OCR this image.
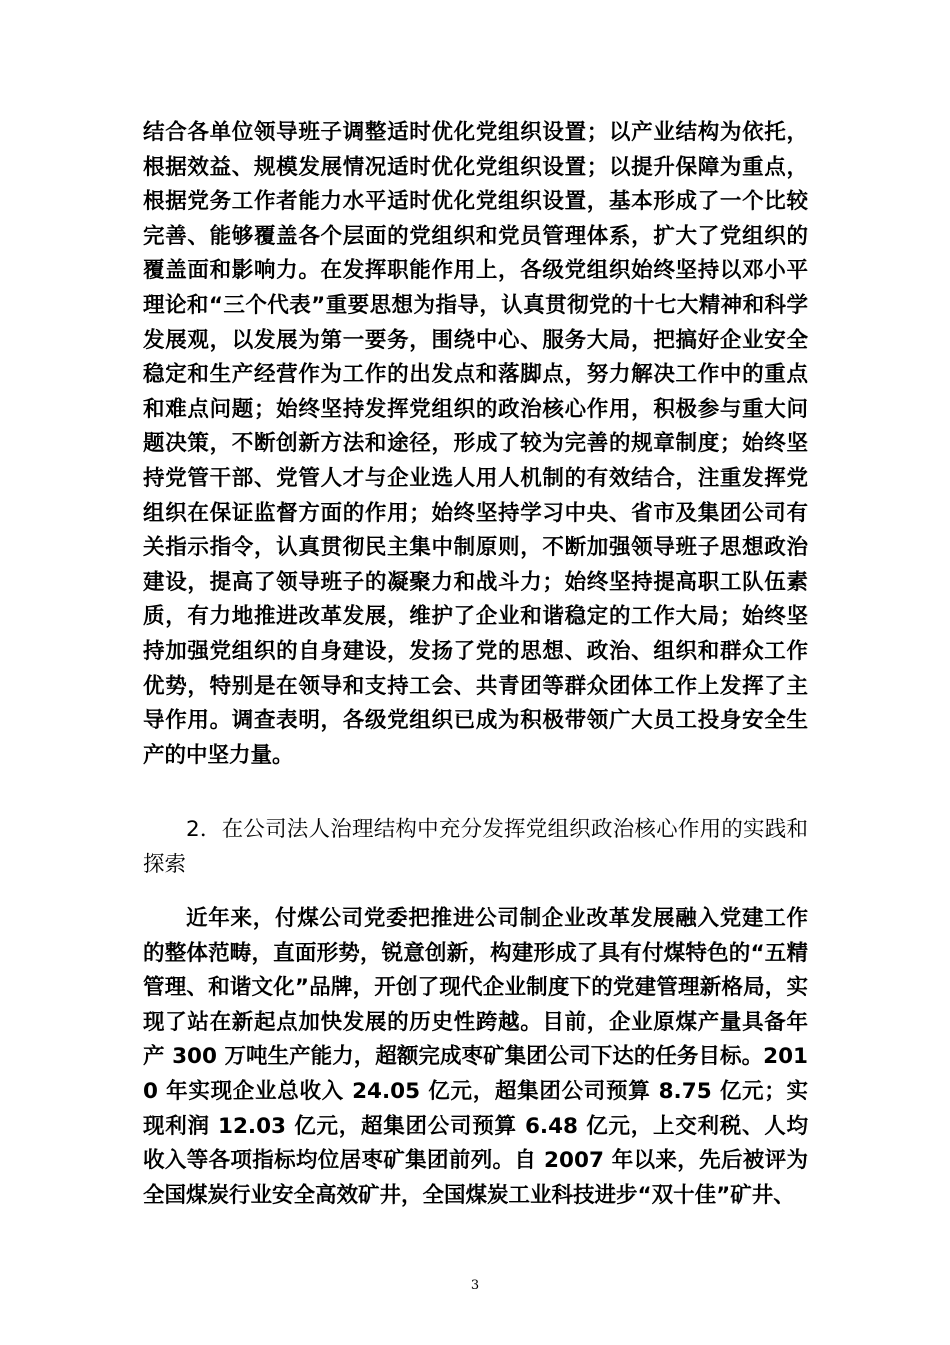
结合各单位领导班子调整适时优化党组织设置；以产业结构为依托，根据效益、规模发展情况适时优化党组织设置；以提升保障为重点，根据党务工作者能力水平适时优化党组织设置，基本形成了一个比较完善、能够覆盖各个层面的党组织和党员管理体系，扩大了党组织的覆盖面和影响力。在发挥职能作用上，各级党组织始终坚持以邓小平理论和“三个代表”重要思想为指导，认真贯彻党的十七大精神和科学发展观，以发展为第一要务，围绕中心、服务大局，把搞好企业安全稳定和生产经营作为工作的出发点和落脚点，努力解决工作中的重点和难点问题；始终坚持发挥党组织的政治核心作用，积极参与重大问题决策，不断创新方法和途径，形成了较为完善的规章制度；始终坚持党管干部、党管人才与企业选人用人机制的有效结合，注重发挥党组织在保证监督方面的作用；始终坚持学习中央、省市及集团公司有关指示指令，认真贯彻民主集中制原则，不断加强领导班子思想政治建设，提高了领导班子的凝聚力和战斗力；始终坚持提高职工队伍素质，有力地推进改革发展，维护了企业和谐稳定的工作大局；始终坚持加强党组织的自身建设，发扬了党的思想、政治、组织和群众工作优势，特别是在领导和支持工会、共青团等群众团体工作上发挥了主导作用。调查表明，各级党组织已成为积极带领广大员工投身安全生产的中坚力量。

2．在公司法人治理结构中充分发挥党组织政治核心作用的实践和探索

近年来，付煤公司党委把推进公司制企业改革发展融入党建工作的整体范畴，直面形势，锐意创新，构建形成了具有付煤特色的“五精管理、和谐文化”品牌，开创了现代企业制度下的党建管理新格局，实现了站在新起点加快发展的历史性跨越。目前，企业原煤产量具备年产 300 万吨生产能力，超额完成枣矿集团公司下达的任务目标。2010 年实现企业总收入 24.05 亿元，超集团公司预算 8.75 亿元；实现利润 12.03 亿元，超集团公司预算 6.48 亿元，上交利税、人均收入等各项指标均位居枣矿集团前列。自 2007 年以来，先后被评为全国煤炭行业安全高效矿井，全国煤炭工业科技进步“双十佳”矿井、

3
